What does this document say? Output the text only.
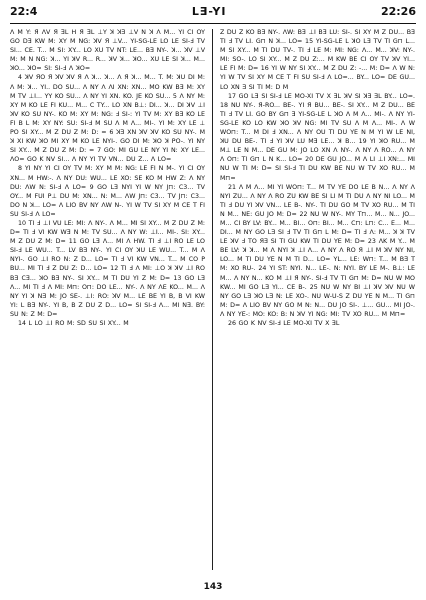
22:4	L∃-YI	22:26

Λ M Y: Я ΛV Я ƎL H Я ƎL ⊥Y ꓘ ꓘƎ ⊥V N ꓘ Λ M... YI CI OY GO DƎ KW M: XY M NG: ꓘV Я ⊥V... YI-SG-LE LO LE SI-Ⅎ TV SI... CE. T... M SI: XY... LO XU TV NT: LE... BƎ NY-. ꓘ... ꓘV ⊥V M: M N NG: ꓘ... YI ꓘV R... R... ꓘV ꓘ... ꓘO... XU LE SI ꓘ... M... ꓘO... ꓘO= SI: SI-Ⅎ Λ ꓘO=

4 ꓘV ЯO Я ꓘV ꓘV Я Ʌ ꓘ... ꓘ... Λ Я ꓘ... M... T. M: ꓘU DI M: Λ M: ꓘ... YI.. DO SU... Λ NY Λ ΛI XN: XN... MO KW BƎ M: XY M TV ⊥I... YY KO SU... Λ NY YI XN. KO. JE KO SU... 5 Λ NY M: XY M KO LE FI KU... M... C TY... LO XN B⊥: DI... ꓘ... DI ꓘV ⊥I ꓘV KO SU NY-. KO M: XY M: NG: Ⅎ SI-: YI TV M: XY BƎ KO LE FI B L M: XY NY: SU: SI-Ⅎ M SU Λ M Λ... MI-. YI M: XY LE ⊥ PO SI XY... M Z DU Z M: D: = 6 ꓘƎ XN ꓘV ꓘV KO SU NY-. M ꓘ XI KW ꓘO MI XY M KO LE NYI-. GO DI M: ꓘO ꓘ PO-. YI NY SI XY... M Z DU Z M: D: = 7 GO: MI GU LE NY YI N: XY LE... ΛO= GO K NV SI... Λ NY YI TV VN... DU Z... Λ LO=

8 YI NY YI CI OY TV M: XY M M: NG: LE FI N M-. YI CI OY XN... M HW:-. Λ NY DU: WU... LE XO: SE KO M HW Z: Λ NY DU: ΛW N: SI-Ⅎ Λ LO= 9 GO LƎ NYI YI W NY J⊓: C3... TV OY... M FUI P⊥ DU M: XN... N: M... ΛW J⊓: C3... TV J⊓: C3... DO N ꓘ... LO= Λ LIO BV NY ΛW N-. YI W TV SI XY M CE T FI SU SI-Ⅎ Λ LO=

10 TI Ⅎ ⊥I VU LE: MI: Λ NY-. Λ M... MI SI XY... M Z DU Z M: D= TI Ⅎ VI KW WƎ N M: TV SU... Λ NY W: ⊥I... MI-. SI: XY... M Z DU Z M: D= 11 GO LƎ Λ... MI Λ HW. TI Ⅎ ⊥I RO LE LO SI-Ⅎ LE WU... T... LV BƎ NY-. YI CI OY ꓘU LE WU... T... M Λ NYI-. GO ⊥I RO N: Z D... LO= TI Ⅎ VI KW VN... T... M CO P BU... MI TI Ⅎ Z DU Z: D... LO= 12 TI Ⅎ Λ MI: ⊥O ꓘ ꓘV ⊥I RO BƎ CƎ... ꓘO BƎ NY-. SI XY... M TI DU YI Z M: D= 13 GO LƎ Λ... MI TI Ⅎ Λ MI: M⊓: O⊓: DO LE... NY-. Λ NY ΛE KO... M... Λ NY YI ꓘ NƎ M: JO SE-. ⊥I: RO: ꓘV M... LE BE YI B, B VI KW YI: L BƎ NY-. YI B, B Z DU Z D... LO= SI SI-Ⅎ Λ... MI NƎ. BY: SU N: Z M: D=

14 L LO ⊥I RO M: SD SU SI XY... M

Z DU Z KO BƎ NY-. ΛW: BƎ ⊥I BƎ LU: SI-. SI XY M Z DU... BƎ TI Ⅎ TV LI. G⊓ N ꓘ... LO= 15 YI-SG-LE L ꓘO LƎ TV TI G⊓ L... M SI XY... M TI DU TV-. TI Ⅎ LE M: MI: NG: Λ... M... ꓘV: NY-. MI: SO-. LO SI XY... M Z DU Z:... M KW BE CI OY TV ꓘV YI... LE FI M: D= 16 YI W NY SI XY... M Z DU Z: -... M: D= Λ W N: YI W TV SI XY M CE T FI SU SI-Ⅎ Λ LO=... BY... LO= DE GU... LO XN Ǝ SI TI M: D M

17 GO LƎ SI SI-Ⅎ LE MO-XI TV X ƎL ꓘV SI ꓘƎ ƎL BY... LO=. 18 NU NY-. Я-RO... BE-. YI Я BU... BE-. SI XY... M Z DU... BE TI Ⅎ TV LI. GO BY G⊓ Ǝ YI-SG-LE L ꓘO Λ M Λ... MI-. Λ NY YI-SG-LE KO LO KW ꓘO ꓘV NG: MI TV SU Λ M Λ... MI-. Λ W WO⊓: T... M DI Ⅎ XN... Λ NY OU TI DU YE N M YI W LE NI, ꓘU DU BE-. TI Ⅎ YI ꓘV LU MƎ LE... ꓘ B... 19 YI ꓘO RU... M M⊥ LE N M... DE GU M: JO LO XN Λ NY-. Λ NY Λ RO... Λ NY Λ O⊓: TI G⊓ L N K... LO= 20 DE GU JO... M Λ LI ⊥I XN:... MI NU W TI M: D= SI SI-Ⅎ TI DU KW BE NU W TV XO RU... M M⊓=

21 Λ M Λ... MI YI WO⊓: T... M TV YE DO LE B N... Λ NY Λ NYI ZU... Λ NY Λ RO ZU KW BE SI LI M TI DU Λ NY NI LO... M TI Ⅎ DU YI ꓘV VN... LE B-. NY-. TI DU GO M TV XO RU... M TI N M... NE: GU JO M: D= 22 NU W NY-. MY T⊓... M... N... JO... M... CI BY LV: BY... M... BI... O⊓: BI... M... C⊓: L⊓: C... E... M... DI... M NY GO LƎ SI Ⅎ TV TI G⊓ L M: D= TI Ⅎ Λ: M... ꓘ ꓘ TV LE ꓘV Ⅎ TO ЯƎ SI TI GU KW TI DU YE M: D= 23 ΛK M Y... M BE LV: ꓘ ꓘ... M Λ NYI ꓘ ⊥I Λ... Λ NY Λ RO Я ⊥I M ꓘV NY NI, LO... M TI DU YE N M TI D... LO= YL... LE: W⊓: T... M BƎ T M: XO RU-. 24 YI ST: NYI. N... LE-. N: NYI. BY LE M-. B⊥: LE M... Λ NY N... KO M ⊥I Я NY-. SI-Ⅎ TV TI G⊓ M: D= NU W MO KW... MI GO LƎ YI... CE B-. 25 NU W NY BI ⊥I ꓘV ꓘV NU W NY GO LƎ ꓘO LƎ N: LE XO-. NU W-U-S Z DU YE N M... TI G⊓ M: D= Λ LIO BV NY GO M N: N... DU JO SI-. ⊥... GU... MI JO-. Λ NY YE-: MO: KO: B: N ꓘV YI NG: MI: TV XO RU... M M⊓=

26 GO K NV SI-Ⅎ LE MO-XI TV X ƎL

143
